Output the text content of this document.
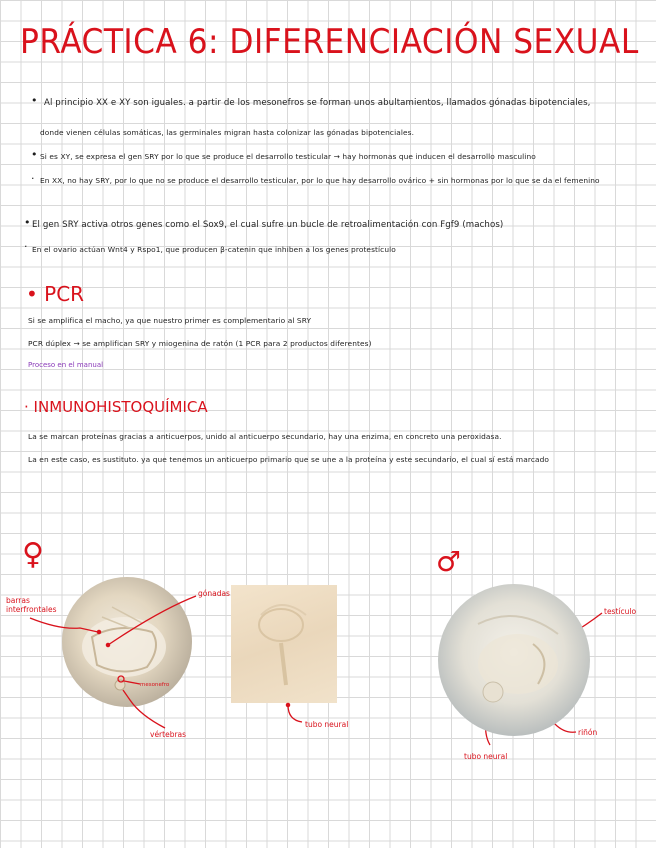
PRÁCTICA 6: DIFERENCIACIÓN SEXUAL
• Al principio XX e XY son iguales. a partir de los mesonefros se forman unos abultamientos, llamados gónadas bipotenciales,
donde vienen células somáticas, las germinales migran hasta colonizar las gónadas bipotenciales.
• Si es XY, se expresa el gen SRY por lo que se produce el desarrollo testicular → hay hormonas que inducen el desarrollo masculino
· En XX, no hay SRY, por lo que no se produce el desarrollo testicular, por lo que hay desarrollo ovárico + sin hormonas por lo que se da el femenino
• El gen SRY activa otros genes como el Sox9, el cual sufre un bucle de retroalimentación con Fgf9 (machos)
· En el ovario actúan Wnt4 y Rspo1, que producen β-catenin que inhiben a los genes protestículo
• PCR
Si se amplifica el macho, ya que nuestro primer es complementario al SRY
PCR dúplex → se amplifican SRY y miogenina de ratón (1 PCR para 2 productos diferentes)
Proceso en el manual
· INMUNOHISTOQUÍMICA
La se marcan proteínas gracias a anticuerpos, unido al anticuerpo secundario, hay una enzima, en concreto una peroxidasa.
La en este caso, es sustituto. ya que tenemos un anticuerpo primario que se une a la proteína y este secundario, el cual sí está marcado
♀
barras
interfrontales
gónadas
mesonefro
vértebras
tubo neural
♂
testículo
riñón
tubo neural
